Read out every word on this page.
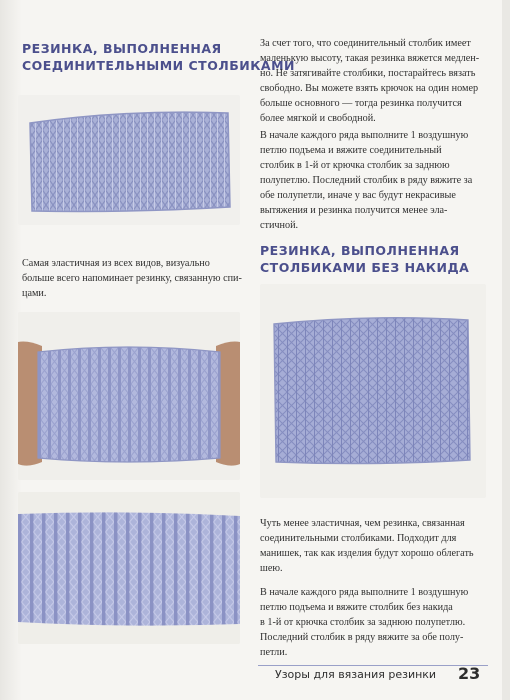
РЕЗИНКА, ВЫПОЛНЕННАЯ
СОЕДИНИТЕЛЬНЫМИ СТОЛБИКАМИ

Самая эластичная из всех видов, визуально

больше всего напоминает резинку, связанную спи-

цами.

За счет того, что соединительный столбик имеет

маленькую высоту, такая резинка вяжется медлен-

но. Не затягивайте столбики, постарайтесь вязать

свободно. Вы можете взять крючок на один номер

больше основного — тогда резинка получится

более мягкой и свободной.

В начале каждого ряда выполните 1 воздушную

петлю подъема и вяжите соединительный

столбик в 1-й от крючка столбик за заднюю

полупетлю. Последний столбик в ряду вяжите за

обе полупетли, иначе у вас будут некрасивые

вытяжения и резинка получится менее эла-

стичной.

РЕЗИНКА, ВЫПОЛНЕННАЯ
СТОЛБИКАМИ БЕЗ НАКИДА

Чуть менее эластичная, чем резинка, связанная

соединительными столбиками. Подходит для

манишек, так как изделия будут хорошо облегать

шею.

В начале каждого ряда выполните 1 воздушную

петлю подъема и вяжите столбик без накида

в 1-й от крючка столбик за заднюю полупетлю.

Последний столбик в ряду вяжите за обе полу-

петли.

Узоры для вязания резинки 23
